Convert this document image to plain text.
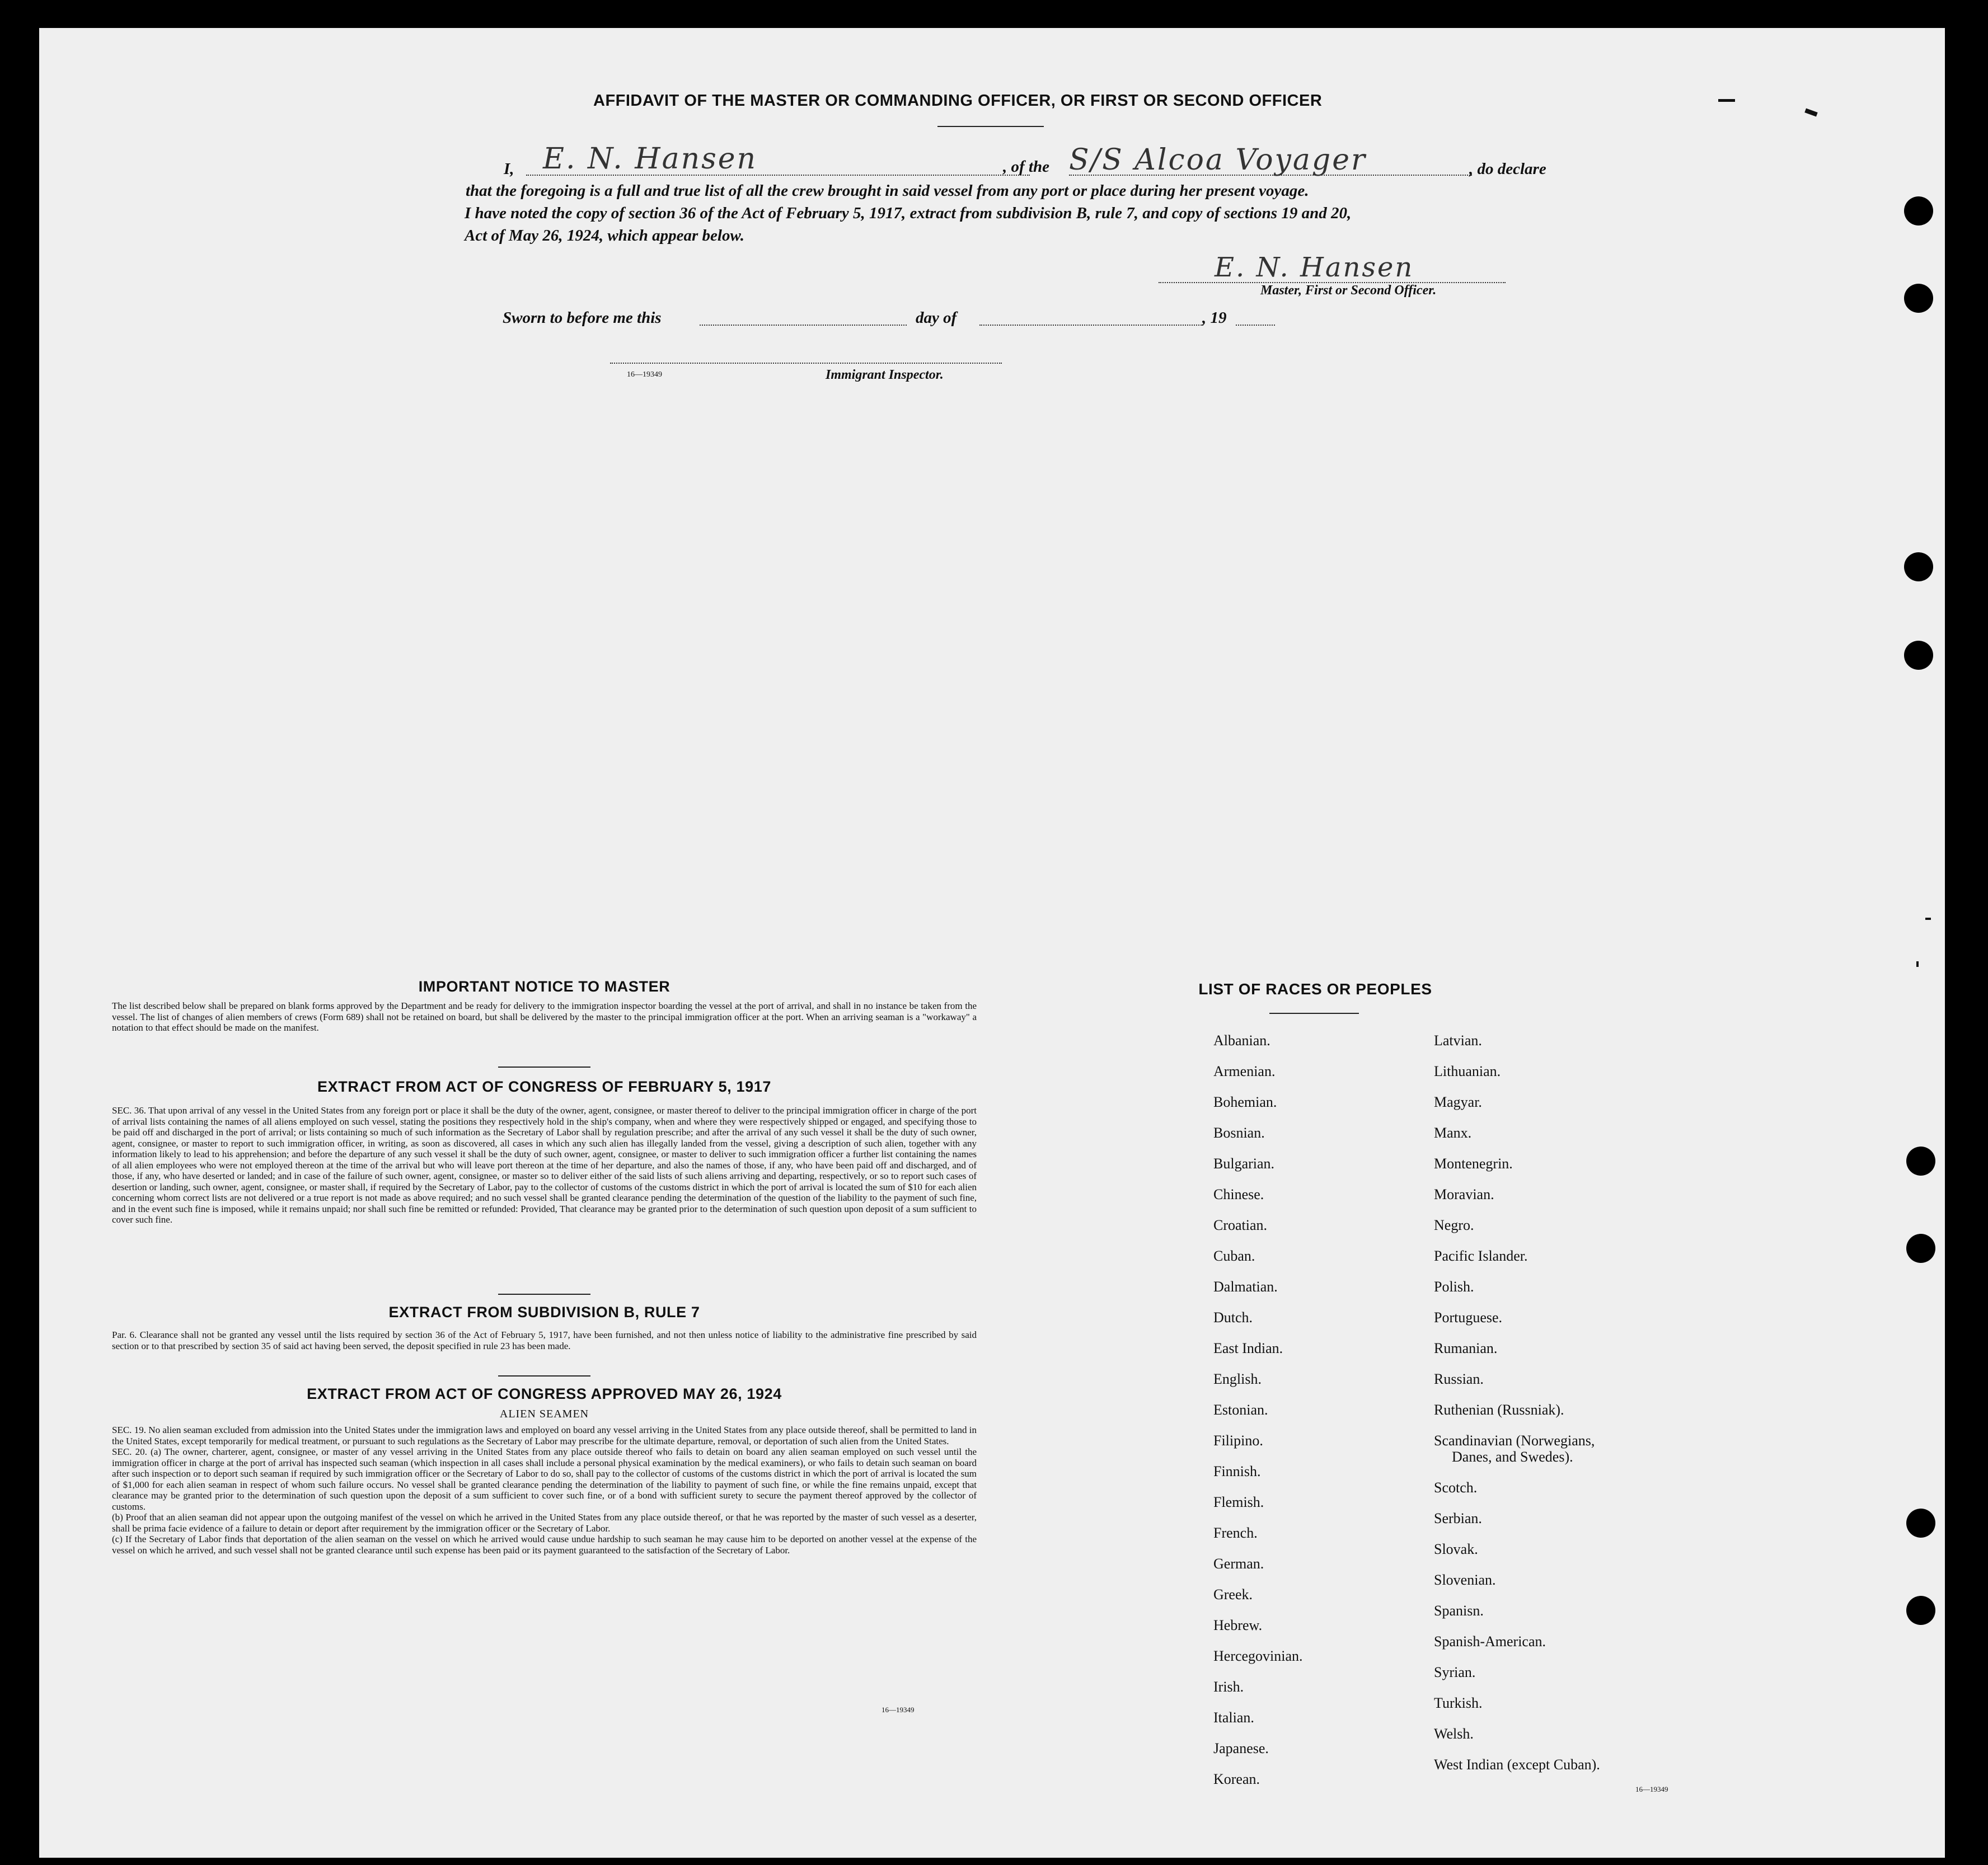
AFFIDAVIT OF THE MASTER OR COMMANDING OFFICER, OR FIRST OR SECOND OFFICER
I, E. N. Hansen	, of the S/S Alcoa Voyager	, do declare
that the foregoing is a full and true list of all the crew brought in said vessel from any port or place during her present voyage.
I have noted the copy of section 36 of the Act of February 5, 1917, extract from subdivision B, rule 7, and copy of sections 19 and 20,
Act of May 26, 1924, which appear below.
E. N. Hansen
Master, First or Second Officer.
Sworn to before me this	day of	, 19
16—19349	Immigrant Inspector.
IMPORTANT NOTICE TO MASTER
The list described below shall be prepared on blank forms approved by the Department and be ready for delivery to the immigration inspector boarding the vessel at the port of arrival, and shall in no instance be taken from the vessel. The list of changes of alien members of crews (Form 689) shall not be retained on board, but shall be delivered by the master to the principal immigration officer at the port. When an arriving seaman is a "workaway" a notation to that effect should be made on the manifest.
EXTRACT FROM ACT OF CONGRESS OF FEBRUARY 5, 1917
SEC. 36. That upon arrival of any vessel in the United States from any foreign port or place it shall be the duty of the owner, agent, consignee, or master thereof to deliver to the principal immigration officer in charge of the port of arrival lists containing the names of all aliens employed on such vessel, stating the positions they respectively hold in the ship's company, when and where they were respectively shipped or engaged, and specifying those to be paid off and discharged in the port of arrival; or lists containing so much of such information as the Secretary of Labor shall by regulation prescribe; and after the arrival of any such vessel it shall be the duty of such owner, agent, consignee, or master to report to such immigration officer, in writing, as soon as discovered, all cases in which any such alien has illegally landed from the vessel, giving a description of such alien, together with any information likely to lead to his apprehension; and before the departure of any such vessel it shall be the duty of such owner, agent, consignee, or master to deliver to such immigration officer a further list containing the names of all alien employees who were not employed thereon at the time of the arrival but who will leave port thereon at the time of her departure, and also the names of those, if any, who have been paid off and discharged, and of those, if any, who have deserted or landed; and in case of the failure of such owner, agent, consignee, or master so to deliver either of the said lists of such aliens arriving and departing, respectively, or so to report such cases of desertion or landing, such owner, agent, consignee, or master shall, if required by the Secretary of Labor, pay to the collector of customs of the customs district in which the port of arrival is located the sum of $10 for each alien concerning whom correct lists are not delivered or a true report is not made as above required; and no such vessel shall be granted clearance pending the determination of the question of the liability to the payment of such fine, and in the event such fine is imposed, while it remains unpaid; nor shall such fine be remitted or refunded: Provided, That clearance may be granted prior to the determination of such question upon deposit of a sum sufficient to cover such fine.
EXTRACT FROM SUBDIVISION B, RULE 7
Par. 6. Clearance shall not be granted any vessel until the lists required by section 36 of the Act of February 5, 1917, have been furnished, and not then unless notice of liability to the administrative fine prescribed by said section or to that prescribed by section 35 of said act having been served, the deposit specified in rule 23 has been made.
EXTRACT FROM ACT OF CONGRESS APPROVED MAY 26, 1924
ALIEN SEAMEN
SEC. 19. No alien seaman excluded from admission into the United States under the immigration laws and employed on board any vessel arriving in the United States from any place outside thereof, shall be permitted to land in the United States, except temporarily for medical treatment, or pursuant to such regulations as the Secretary of Labor may prescribe for the ultimate departure, removal, or deportation of such alien from the United States.
SEC. 20. (a) The owner, charterer, agent, consignee, or master of any vessel arriving in the United States from any place outside thereof who fails to detain on board any alien seaman employed on such vessel until the immigration officer in charge at the port of arrival has inspected such seaman (which inspection in all cases shall include a personal physical examination by the medical examiners), or who fails to detain such seaman on board after such inspection or to deport such seaman if required by such immigration officer or the Secretary of Labor to do so, shall pay to the collector of customs of the customs district in which the port of arrival is located the sum of $1,000 for each alien seaman in respect of whom such failure occurs. No vessel shall be granted clearance pending the determination of the liability to payment of such fine, or while the fine remains unpaid, except that clearance may be granted prior to the determination of such question upon the deposit of a sum sufficient to cover such fine, or of a bond with sufficient surety to secure the payment thereof approved by the collector of customs.
(b) Proof that an alien seaman did not appear upon the outgoing manifest of the vessel on which he arrived in the United States from any place outside thereof, or that he was reported by the master of such vessel as a deserter, shall be prima facie evidence of a failure to detain or deport after requirement by the immigration officer or the Secretary of Labor.
(c) If the Secretary of Labor finds that deportation of the alien seaman on the vessel on which he arrived would cause undue hardship to such seaman he may cause him to be deported on another vessel at the expense of the vessel on which he arrived, and such vessel shall not be granted clearance until such expense has been paid or its payment guaranteed to the satisfaction of the Secretary of Labor.
16—19349
LIST OF RACES OR PEOPLES
Albanian.
Armenian.
Bohemian.
Bosnian.
Bulgarian.
Chinese.
Croatian.
Cuban.
Dalmatian.
Dutch.
East Indian.
English.
Estonian.
Filipino.
Finnish.
Flemish.
French.
German.
Greek.
Hebrew.
Hercegovinian.
Irish.
Italian.
Japanese.
Korean.
Latvian.
Lithuanian.
Magyar.
Manx.
Montenegrin.
Moravian.
Negro.
Pacific Islander.
Polish.
Portuguese.
Rumanian.
Russian.
Ruthenian (Russniak).
Scandinavian (Norwegians,
Danes, and Swedes).
Scotch.
Serbian.
Slovak.
Slovenian.
Spanisn.
Spanish-American.
Syrian.
Turkish.
Welsh.
West Indian (except Cuban).
16—19349
